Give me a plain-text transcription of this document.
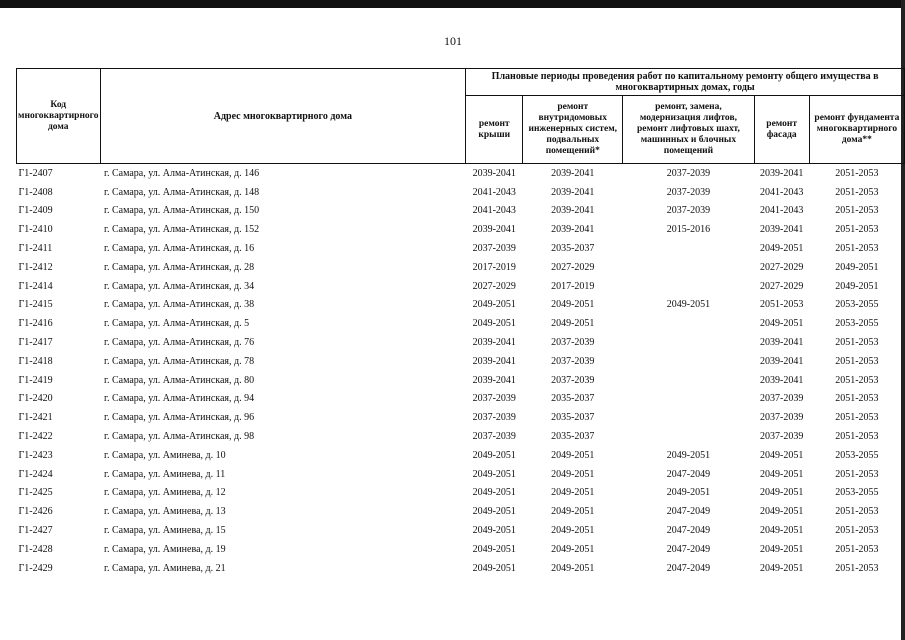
101
Код многоквартирного дома	Адрес многоквартирного дома	Плановые периоды проведения работ по капитальному ремонту общего имущества в многоквартирных домах, годы				
		ремонт крыши	ремонт внутридомовых инженерных систем, подвальных помещений*	ремонт, замена, модернизация лифтов, ремонт лифтовых шахт, машинных и блочных помещений	ремонт фасада	ремонт фундамента многоквартирного дома**
Г1-2407	г. Самара, ул. Алма-Атинская, д. 146	2039-2041	2039-2041	2037-2039	2039-2041	2051-2053
Г1-2408	г. Самара, ул. Алма-Атинская, д. 148	2041-2043	2039-2041	2037-2039	2041-2043	2051-2053
Г1-2409	г. Самара, ул. Алма-Атинская, д. 150	2041-2043	2039-2041	2037-2039	2041-2043	2051-2053
Г1-2410	г. Самара, ул. Алма-Атинская, д. 152	2039-2041	2039-2041	2015-2016	2039-2041	2051-2053
Г1-2411	г. Самара, ул. Алма-Атинская, д. 16	2037-2039	2035-2037		2049-2051	2051-2053
Г1-2412	г. Самара, ул. Алма-Атинская, д. 28	2017-2019	2027-2029		2027-2029	2049-2051
Г1-2414	г. Самара, ул. Алма-Атинская, д. 34	2027-2029	2017-2019		2027-2029	2049-2051
Г1-2415	г. Самара, ул. Алма-Атинская, д. 38	2049-2051	2049-2051	2049-2051	2051-2053	2053-2055
Г1-2416	г. Самара, ул. Алма-Атинская, д. 5	2049-2051	2049-2051		2049-2051	2053-2055
Г1-2417	г. Самара, ул. Алма-Атинская, д. 76	2039-2041	2037-2039		2039-2041	2051-2053
Г1-2418	г. Самара, ул. Алма-Атинская, д. 78	2039-2041	2037-2039		2039-2041	2051-2053
Г1-2419	г. Самара, ул. Алма-Атинская, д. 80	2039-2041	2037-2039		2039-2041	2051-2053
Г1-2420	г. Самара, ул. Алма-Атинская, д. 94	2037-2039	2035-2037		2037-2039	2051-2053
Г1-2421	г. Самара, ул. Алма-Атинская, д. 96	2037-2039	2035-2037		2037-2039	2051-2053
Г1-2422	г. Самара, ул. Алма-Атинская, д. 98	2037-2039	2035-2037		2037-2039	2051-2053
Г1-2423	г. Самара, ул. Аминева, д. 10	2049-2051	2049-2051	2049-2051	2049-2051	2053-2055
Г1-2424	г. Самара, ул. Аминева, д. 11	2049-2051	2049-2051	2047-2049	2049-2051	2051-2053
Г1-2425	г. Самара, ул. Аминева, д. 12	2049-2051	2049-2051	2049-2051	2049-2051	2053-2055
Г1-2426	г. Самара, ул. Аминева, д. 13	2049-2051	2049-2051	2047-2049	2049-2051	2051-2053
Г1-2427	г. Самара, ул. Аминева, д. 15	2049-2051	2049-2051	2047-2049	2049-2051	2051-2053
Г1-2428	г. Самара, ул. Аминева, д. 19	2049-2051	2049-2051	2047-2049	2049-2051	2051-2053
Г1-2429	г. Самара, ул. Аминева, д. 21	2049-2051	2049-2051	2047-2049	2049-2051	2051-2053
